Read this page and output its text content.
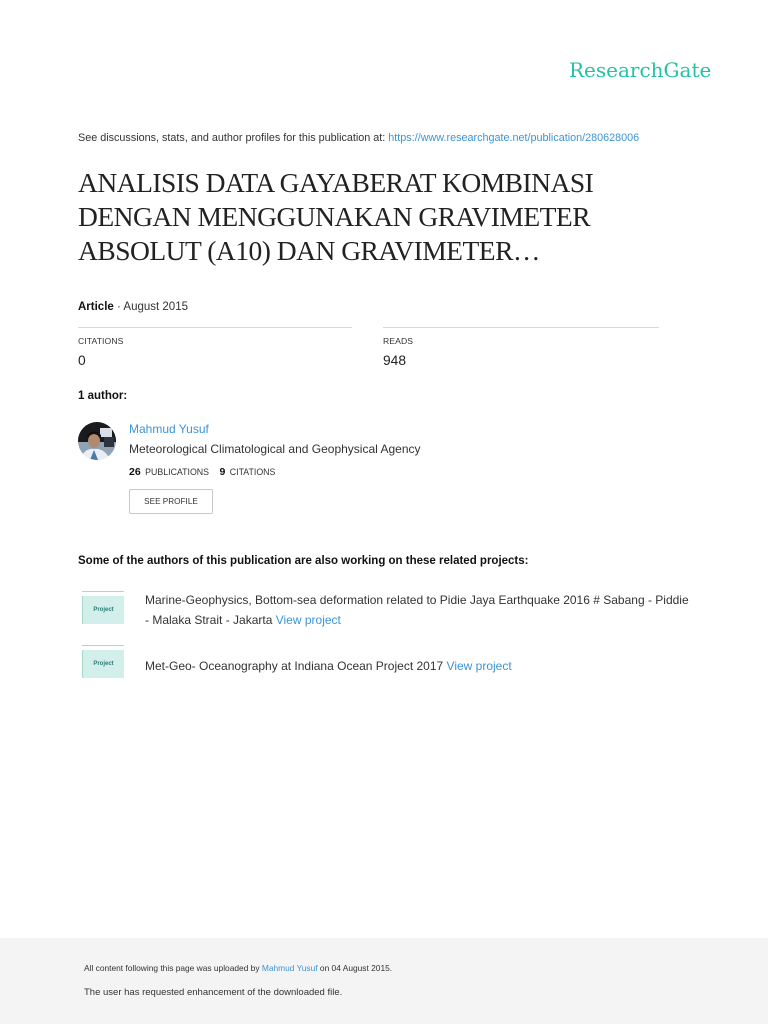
ResearchGate
See discussions, stats, and author profiles for this publication at: https://www.researchgate.net/publication/280628006
ANALISIS DATA GAYABERAT KOMBINASI DENGAN MENGGUNAKAN GRAVIMETER ABSOLUT (A10) DAN GRAVIMETER…
Article · August 2015
CITATIONS
0
READS
948
1 author:
Mahmud Yusuf
Meteorological Climatological and Geophysical Agency
26 PUBLICATIONS 9 CITATIONS
SEE PROFILE
Some of the authors of this publication are also working on these related projects:
Project
Marine-Geophysics, Bottom-sea deformation related to Pidie Jaya Earthquake 2016 # Sabang - Piddie - Malaka Strait - Jakarta View project
Project	Met-Geo- Oceanography at Indiana Ocean Project 2017 View project
All content following this page was uploaded by Mahmud Yusuf on 04 August 2015.
The user has requested enhancement of the downloaded file.
